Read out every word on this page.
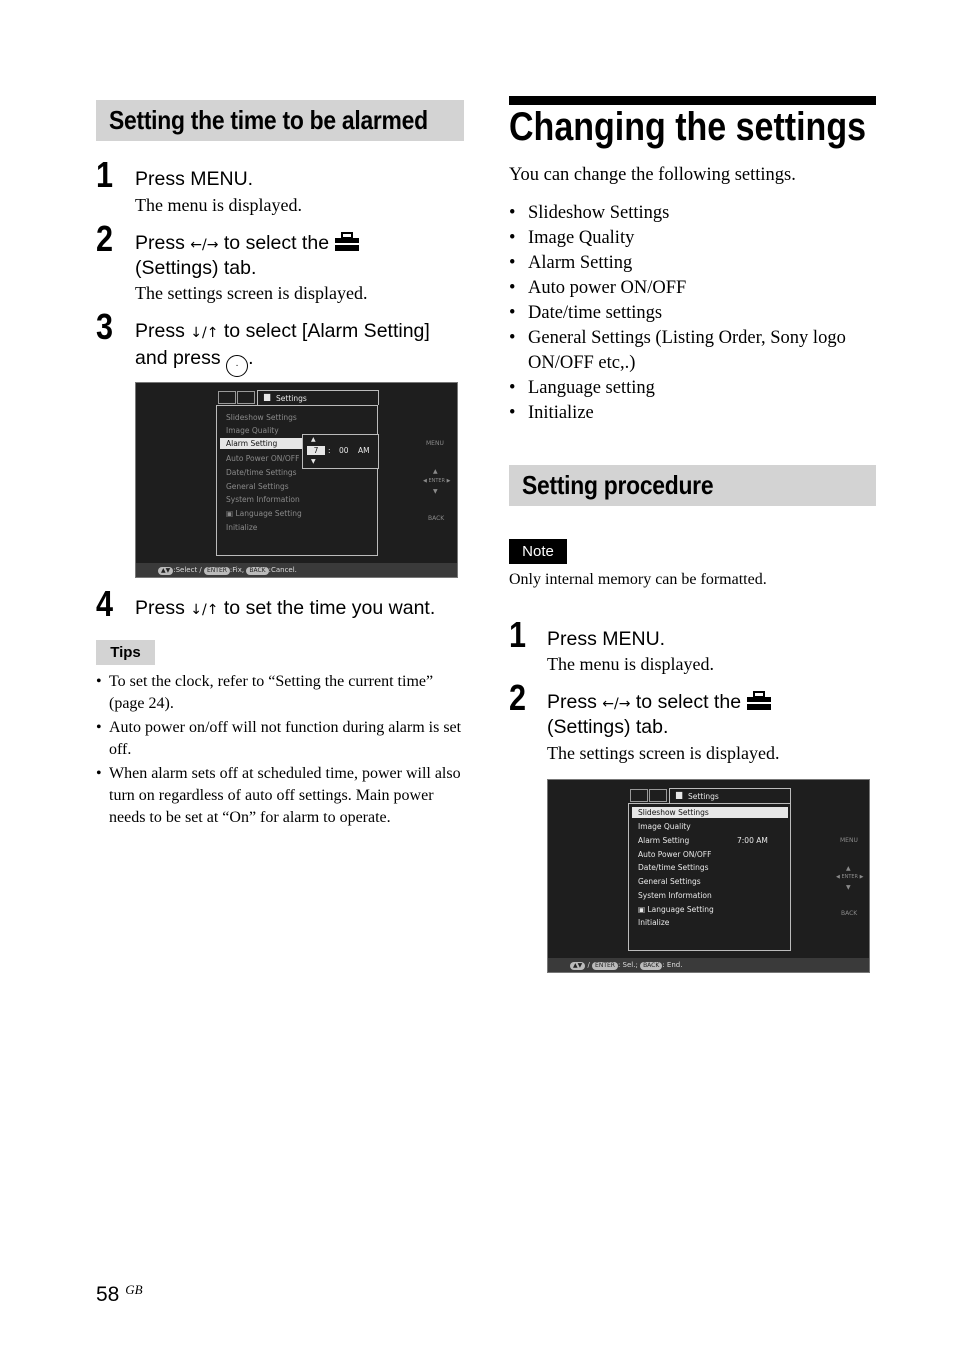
Setting the time to be alarmed
1 Press MENU.
The menu is displayed.
2 Press ←/→ to select the
(Settings) tab.
The settings screen is displayed.
3 Press ↓/↑ to select [Alarm Setting]
and press · .
Settings
▆
Slideshow Settings
Image Quality
Alarm Setting
Auto Power ON/OFF
Date/time Settings
General Settings
System Information
▣ Language Setting
Initialize
▲
7	: 00 AM
▼
MENU
▲
◀ ENTER ▶
▼
BACK
▲▼ :Select / ENTER :Fix, BACK :Cancel.
4 Press ↓/↑ to set the time you want.
Tips
• To set the clock, refer to “Setting the current time” (page 24).
• Auto power on/off will not function during alarm is set off.
• When alarm sets off at scheduled time, power will also turn on regardless of auto off settings. Main power needs to be set at “On” for alarm to operate.
Changing the settings
You can change the following settings.
• Slideshow Settings
• Image Quality
• Alarm Setting
• Auto power ON/OFF
• Date/time settings
• General Settings (Listing Order, Sony logo ON/OFF etc,.)
• Language setting
• Initialize
Setting procedure
Note
Only internal memory can be formatted.
1 Press MENU.
The menu is displayed.
2 Press ←/→ to select the
(Settings) tab.
The settings screen is displayed.
Settings
▆
Slideshow Settings
Image Quality
Alarm Setting	7:00 AM
Auto Power ON/OFF
Date/time Settings
General Settings
System Information
▣ Language Setting
Initialize
MENU
▲
◀ ENTER ▶
▼
BACK
▲▼ / ENTER : Sel.; BACK : End.
58 $^{GB}$
